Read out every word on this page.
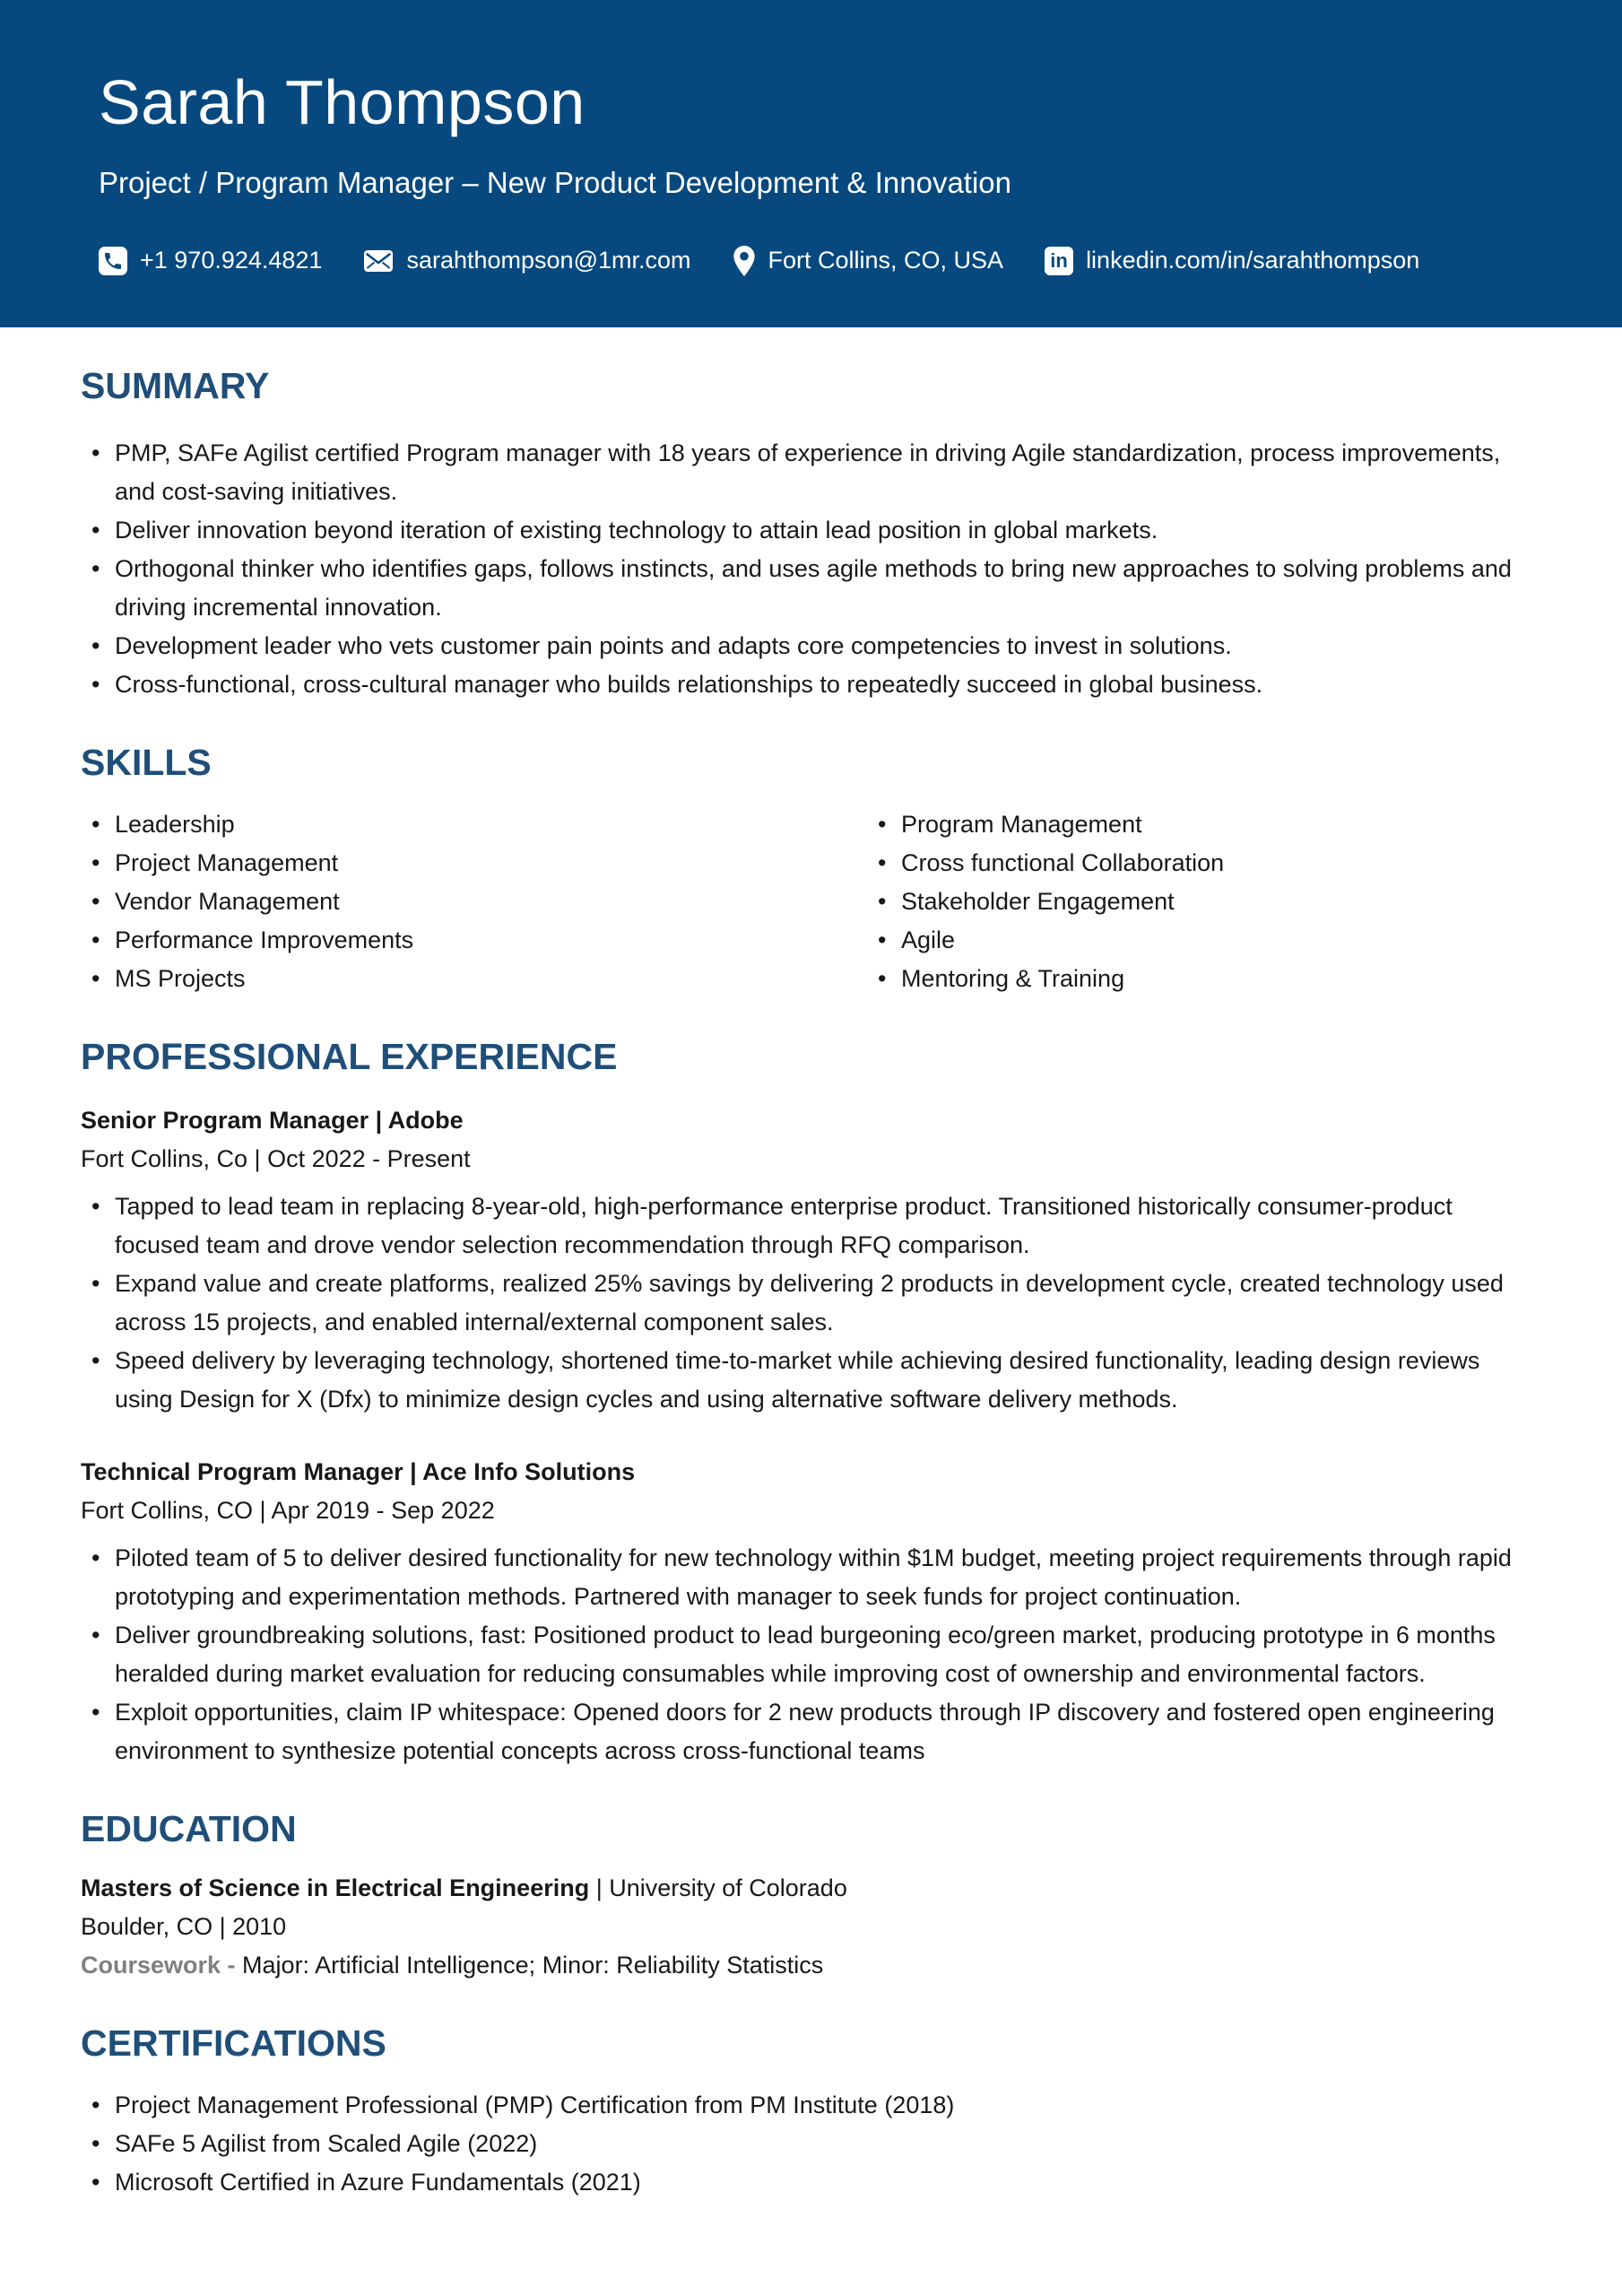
Sarah Thompson
Project / Program Manager – New Product Development & Innovation
+1 970.924.4821	sarahthompson@1mr.com	Fort Collins, CO, USA in linkedin.com/in/sarahthompson
SUMMARY
• PMP, SAFe Agilist certified Program manager with 18 years of experience in driving Agile standardization, process improvements, and cost-saving initiatives.
• Deliver innovation beyond iteration of existing technology to attain lead position in global markets.
• Orthogonal thinker who identifies gaps, follows instincts, and uses agile methods to bring new approaches to solving problems and driving incremental innovation.
• Development leader who vets customer pain points and adapts core competencies to invest in solutions.
• Cross-functional, cross-cultural manager who builds relationships to repeatedly succeed in global business.
SKILLS
• Leadership
• Project Management
• Vendor Management
• Performance Improvements
• MS Projects
• Program Management
• Cross functional Collaboration
• Stakeholder Engagement
• Agile
• Mentoring & Training
PROFESSIONAL EXPERIENCE
Senior Program Manager | Adobe
Fort Collins, Co | Oct 2022 - Present
• Tapped to lead team in replacing 8-year-old, high-performance enterprise product. Transitioned historically consumer-product focused team and drove vendor selection recommendation through RFQ comparison.
• Expand value and create platforms, realized 25% savings by delivering 2 products in development cycle, created technology used across 15 projects, and enabled internal/external component sales.
• Speed delivery by leveraging technology, shortened time-to-market while achieving desired functionality, leading design reviews using Design for X (Dfx) to minimize design cycles and using alternative software delivery methods.
Technical Program Manager | Ace Info Solutions
Fort Collins, CO | Apr 2019 - Sep 2022
• Piloted team of 5 to deliver desired functionality for new technology within $1M budget, meeting project requirements through rapid prototyping and experimentation methods. Partnered with manager to seek funds for project continuation.
• Deliver groundbreaking solutions, fast: Positioned product to lead burgeoning eco/green market, producing prototype in 6 months heralded during market evaluation for reducing consumables while improving cost of ownership and environmental factors.
• Exploit opportunities, claim IP whitespace: Opened doors for 2 new products through IP discovery and fostered open engineering environment to synthesize potential concepts across cross-functional teams
EDUCATION

Masters of Science in Electrical Engineering | University of Colorado

Boulder, CO | 2010

Coursework - Major: Artificial Intelligence; Minor: Reliability Statistics

CERTIFICATIONS
• Project Management Professional (PMP) Certification from PM Institute (2018)
• SAFe 5 Agilist from Scaled Agile (2022)
• Microsoft Certified in Azure Fundamentals (2021)
